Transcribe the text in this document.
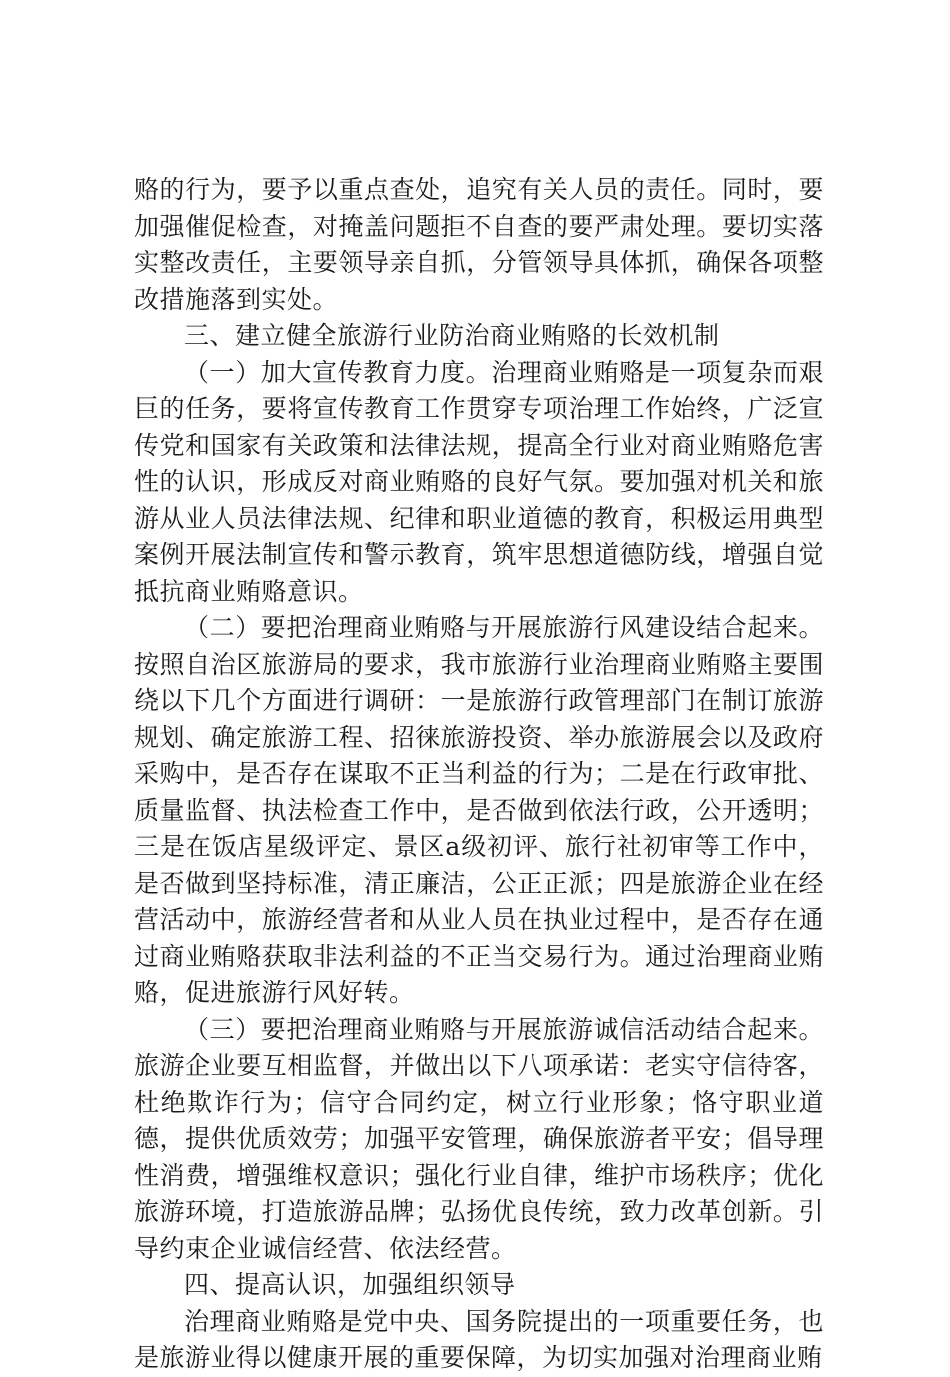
赂的行为，要予以重点查处，追究有关人员的责任。同时，要加强催促检查，对掩盖问题拒不自查的要严肃处理。要切实落实整改责任，主要领导亲自抓，分管领导具体抓，确保各项整改措施落到实处。

三、建立健全旅游行业防治商业贿赂的长效机制

（一）加大宣传教育力度。治理商业贿赂是一项复杂而艰巨的任务，要将宣传教育工作贯穿专项治理工作始终，广泛宣传党和国家有关政策和法律法规，提高全行业对商业贿赂危害性的认识，形成反对商业贿赂的良好气氛。要加强对机关和旅游从业人员法律法规、纪律和职业道德的教育，积极运用典型案例开展法制宣传和警示教育，筑牢思想道德防线，增强自觉抵抗商业贿赂意识。

（二）要把治理商业贿赂与开展旅游行风建设结合起来。按照自治区旅游局的要求，我市旅游行业治理商业贿赂主要围绕以下几个方面进行调研：一是旅游行政管理部门在制订旅游规划、确定旅游工程、招徕旅游投资、举办旅游展会以及政府采购中，是否存在谋取不正当利益的行为；二是在行政审批、质量监督、执法检查工作中，是否做到依法行政，公开透明；三是在饭店星级评定、景区a级初评、旅行社初审等工作中，是否做到坚持标准，清正廉洁，公正正派；四是旅游企业在经营活动中，旅游经营者和从业人员在执业过程中，是否存在通过商业贿赂获取非法利益的不正当交易行为。通过治理商业贿赂，促进旅游行风好转。

（三）要把治理商业贿赂与开展旅游诚信活动结合起来。旅游企业要互相监督，并做出以下八项承诺：老实守信待客，杜绝欺诈行为；信守合同约定，树立行业形象；恪守职业道德，提供优质效劳；加强平安管理，确保旅游者平安；倡导理性消费，增强维权意识；强化行业自律，维护市场秩序；优化旅游环境，打造旅游品牌；弘扬优良传统，致力改革创新。引导约束企业诚信经营、依法经营。

四、提高认识，加强组织领导

治理商业贿赂是党中央、国务院提出的一项重要任务，也是旅游业得以健康开展的重要保障，为切实加强对治理商业贿
